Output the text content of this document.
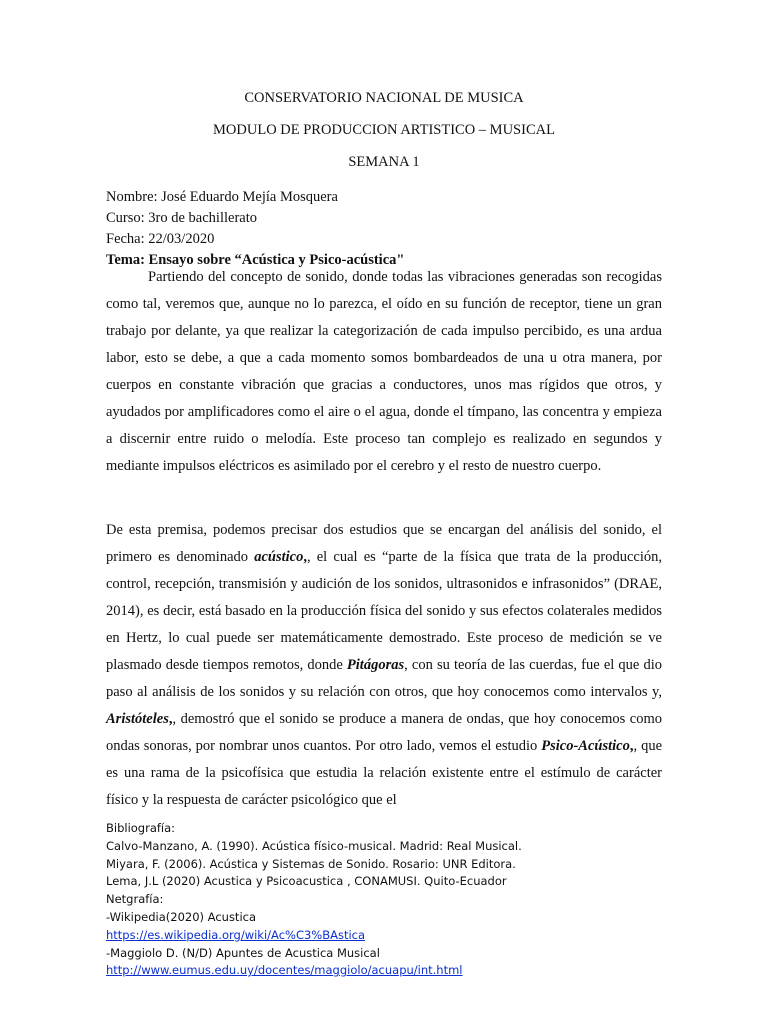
CONSERVATORIO NACIONAL DE MUSICA
MODULO DE PRODUCCION ARTISTICO – MUSICAL
SEMANA 1
Nombre: José Eduardo Mejía Mosquera
Curso: 3ro de bachillerato
Fecha: 22/03/2020
Tema: Ensayo sobre “Acústica y Psico-acústica"
Partiendo del concepto de sonido, donde todas las vibraciones generadas son recogidas como tal, veremos que, aunque no lo parezca, el oído en su función de receptor, tiene un gran trabajo por delante, ya que realizar la categorización de cada impulso percibido, es una ardua labor, esto se debe, a que a cada momento somos bombardeados de una u otra manera, por cuerpos en constante vibración que gracias a conductores, unos mas rígidos que otros, y ayudados por amplificadores como el aire o el agua, donde el tímpano, las concentra y empieza a discernir entre ruido o melodía. Este proceso tan complejo es realizado en segundos y mediante impulsos eléctricos es asimilado por el cerebro y el resto de nuestro cuerpo.
De esta premisa, podemos precisar dos estudios que se encargan del análisis del sonido, el primero es denominado acústico,, el cual es “parte de la física que trata de la producción, control, recepción, transmisión y audición de los sonidos, ultrasonidos e infrasonidos” (DRAE, 2014), es decir, está basado en la producción física del sonido y sus efectos colaterales medidos en Hertz, lo cual puede ser matemáticamente demostrado. Este proceso de medición se ve plasmado desde tiempos remotos, donde Pitágoras, con su teoría de las cuerdas, fue el que dio paso al análisis de los sonidos y su relación con otros, que hoy conocemos como intervalos y, Aristóteles,, demostró que el sonido se produce a manera de ondas, que hoy conocemos como ondas sonoras, por nombrar unos cuantos. Por otro lado, vemos el estudio Psico-Acústico,, que es una rama de la psicofísica que estudia la relación existente entre el estímulo de carácter físico y la respuesta de carácter psicológico que el
Bibliografía:
Calvo-Manzano, A. (1990). Acústica físico-musical. Madrid: Real Musical.
Miyara, F. (2006). Acústica y Sistemas de Sonido. Rosario: UNR Editora.
Lema, J.L (2020) Acustica y Psicoacustica , CONAMUSI. Quito-Ecuador
Netgrafía:
-Wikipedia(2020) Acustica
https://es.wikipedia.org/wiki/Ac%C3%BAstica
-Maggiolo D. (N/D) Apuntes de Acustica Musical
http://www.eumus.edu.uy/docentes/maggiolo/acuapu/int.html
